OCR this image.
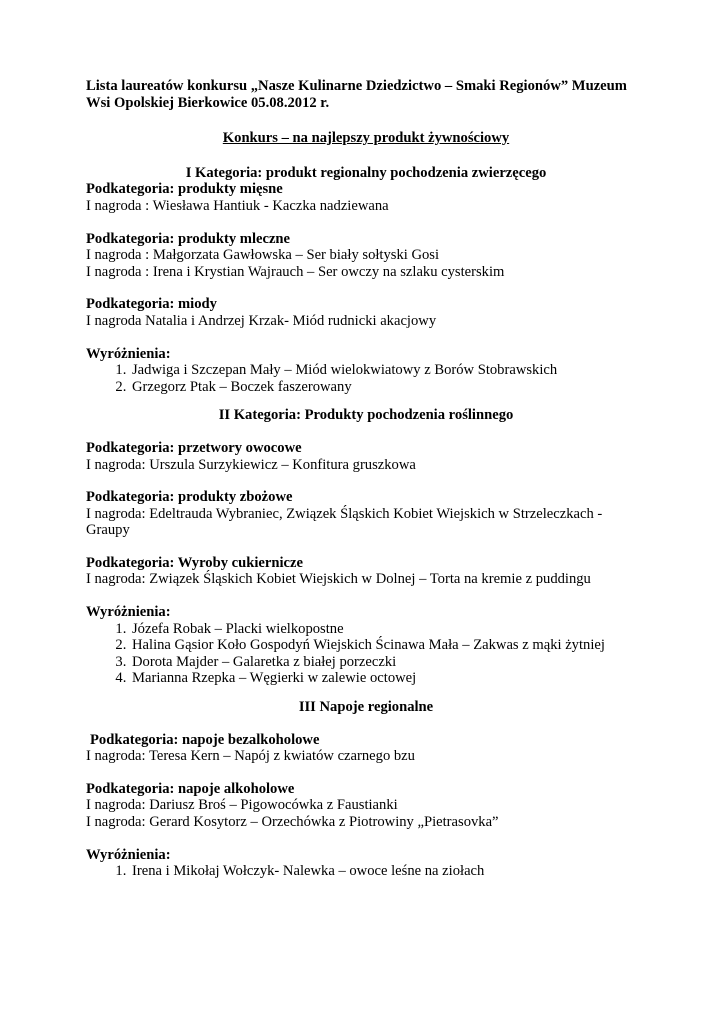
Lista laureatów konkursu „Nasze Kulinarne Dziedzictwo – Smaki Regionów” Muzeum Wsi Opolskiej Bierkowice 05.08.2012 r.

Konkurs – na najlepszy produkt żywnościowy
I Kategoria: produkt regionalny pochodzenia zwierzęcego
Podkategoria: produkty mięsne
I nagroda : Wiesława Hantiuk - Kaczka nadziewana
Podkategoria: produkty mleczne
I nagroda : Małgorzata Gawłowska – Ser biały sołtyski Gosi
I nagroda : Irena i Krystian Wajrauch – Ser owczy na szlaku cysterskim
Podkategoria: miody
I nagroda Natalia i Andrzej Krzak- Miód rudnicki akacjowy
Wyróżnienia:
1. Jadwiga i Szczepan Mały – Miód wielokwiatowy z Borów Stobrawskich
2. Grzegorz Ptak – Boczek faszerowany
II Kategoria: Produkty pochodzenia roślinnego
Podkategoria: przetwory owocowe
I nagroda: Urszula Surzykiewicz – Konfitura gruszkowa
Podkategoria: produkty zbożowe
I nagroda: Edeltrauda Wybraniec, Związek Śląskich Kobiet Wiejskich w Strzeleczkach - Graupy
Podkategoria: Wyroby cukiernicze
I nagroda: Związek Śląskich Kobiet Wiejskich w Dolnej – Torta na kremie z puddingu
Wyróżnienia:
1. Józefa Robak – Placki wielkopostne
2. Halina Gąsior Koło Gospodyń Wiejskich Ścinawa Mała – Zakwas z mąki żytniej
3. Dorota Majder – Galaretka z białej porzeczki
4. Marianna Rzepka – Węgierki w zalewie octowej
III Napoje regionalne
Podkategoria: napoje bezalkoholowe
I nagroda: Teresa Kern – Napój z kwiatów czarnego bzu
Podkategoria: napoje alkoholowe
I nagroda: Dariusz Broś – Pigowocówka z Faustianki
I nagroda: Gerard Kosytorz – Orzechówka z Piotrowiny „Pietrasovka”
Wyróżnienia:
1. Irena i Mikołaj Wołczyk- Nalewka – owoce leśne na ziołach
